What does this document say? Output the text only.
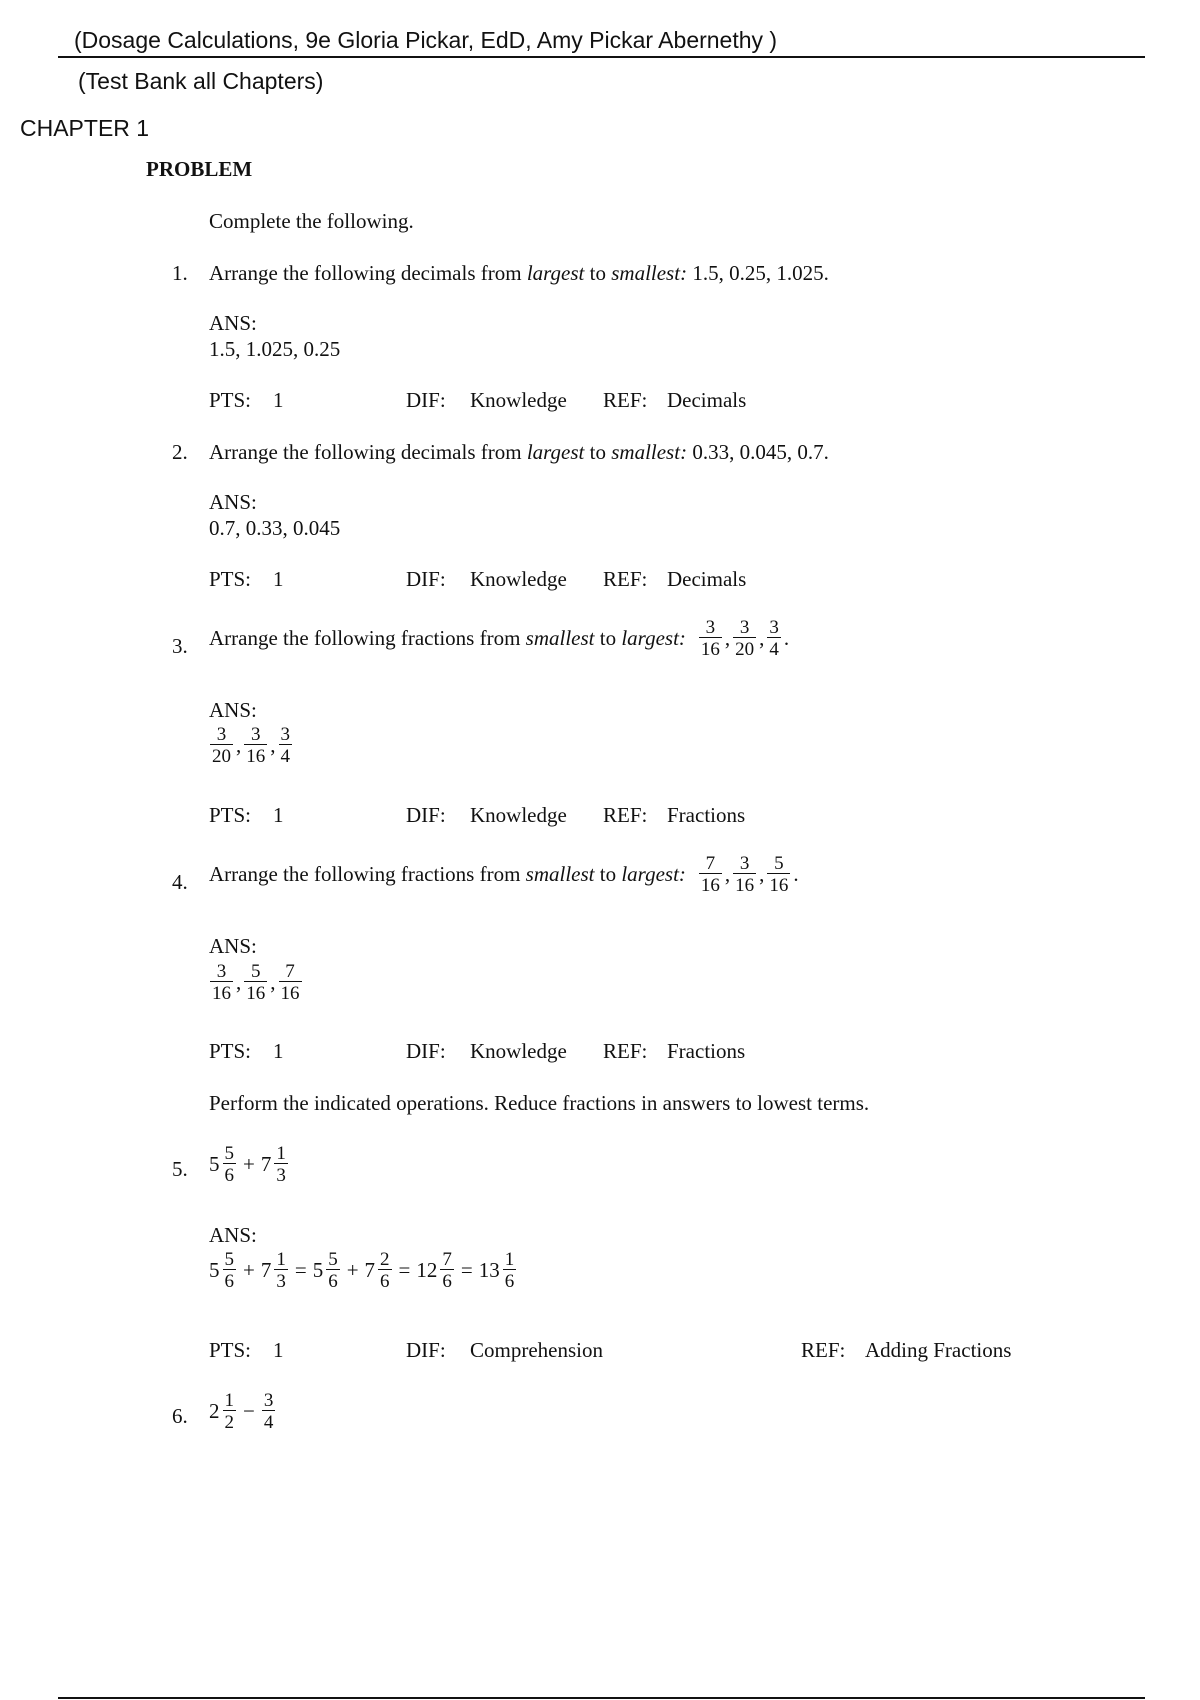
(Dosage Calculations, 9e Gloria Pickar, EdD, Amy Pickar Abernethy )
(Test Bank all Chapters)
CHAPTER 1
PROBLEM
Complete the following.
1. Arrange the following decimals from largest to smallest: 1.5, 0.25, 1.025.
ANS:
1.5, 1.025, 0.25
PTS: 1	DIF: Knowledge REF: Decimals
2. Arrange the following decimals from largest to smallest: 0.33, 0.045, 0.7.
ANS:
0.7, 0.33, 0.045
PTS: 1	DIF: Knowledge REF: Decimals
3. Arrange the following fractions from smallest to largest: $\frac{3}{16}$ , $\frac{3}{20}$ , $\frac{3}{4}$ .
ANS:
$\frac{3}{20}$ , $\frac{3}{16}$ , $\frac{3}{4}$
PTS: 1	DIF: Knowledge REF: Fractions
4. Arrange the following fractions from smallest to largest: $\frac{7}{16}$ , $\frac{3}{16}$ , $\frac{5}{16}$ .
ANS:
$\frac{3}{16}$ , $\frac{5}{16}$ , $\frac{7}{16}$
PTS: 1	DIF: Knowledge REF: Fractions
Perform the indicated operations. Reduce fractions in answers to lowest terms.
5. $5 \frac{5}{6} + 7 \frac{1}{3}$
ANS:
$5 \frac{5}{6} + 7 \frac{1}{3} = 5 \frac{5}{6} + 7 \frac{2}{6} = 12 \frac{7}{6} = 13 \frac{1}{6}$
PTS: 1	DIF: Comprehension	REF: Adding Fractions
6. $2 \frac{1}{2} - \frac{3}{4}$
